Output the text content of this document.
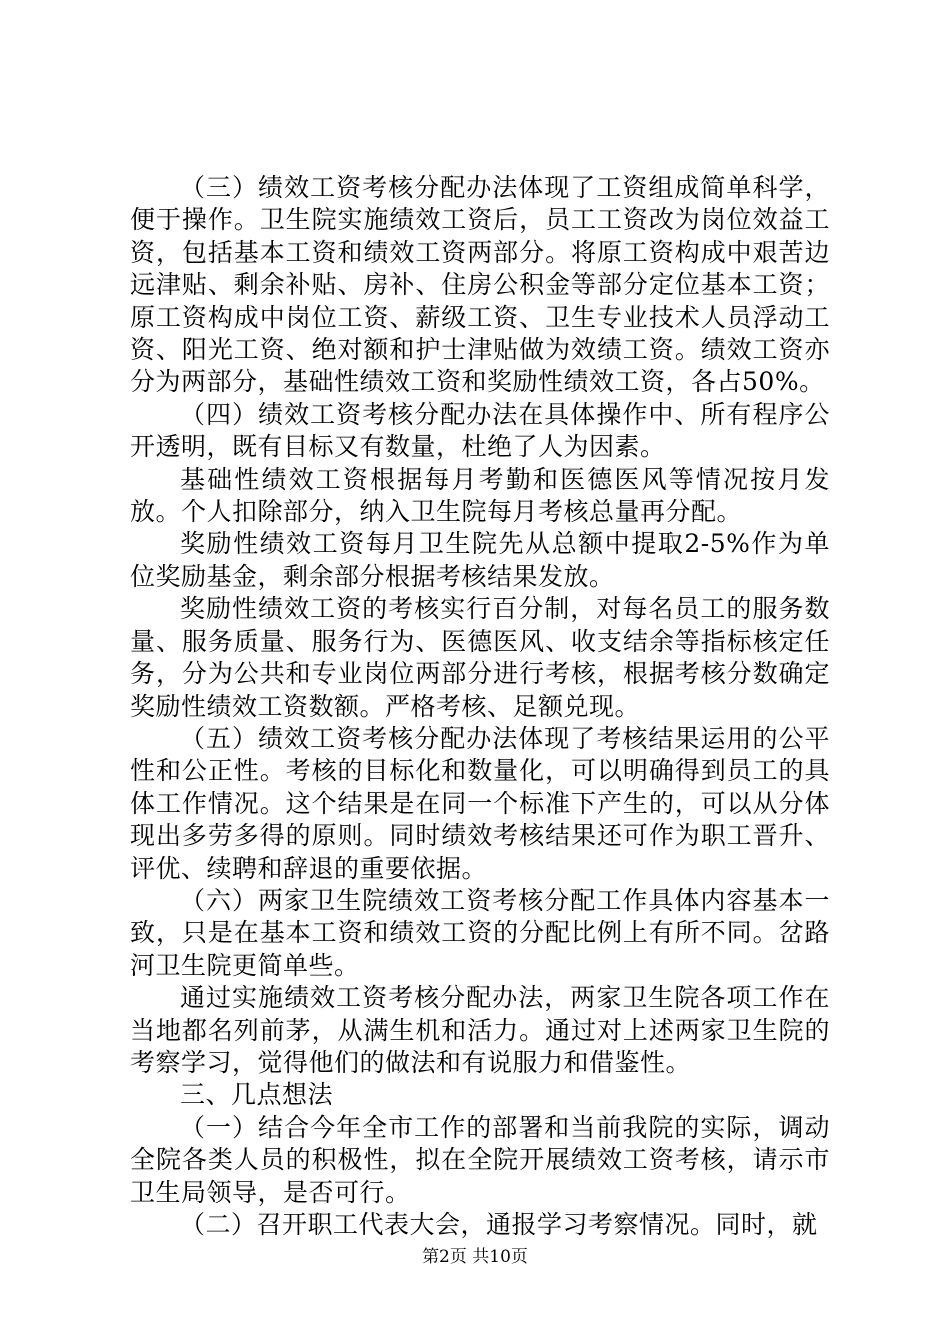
（三）绩效工资考核分配办法体现了工资组成简单科学，便于操作。卫生院实施绩效工资后，员工工资改为岗位效益工资，包括基本工资和绩效工资两部分。将原工资构成中艰苦边远津贴、剩余补贴、房补、住房公积金等部分定位基本工资；原工资构成中岗位工资、薪级工资、卫生专业技术人员浮动工资、阳光工资、绝对额和护士津贴做为效绩工资。绩效工资亦分为两部分，基础性绩效工资和奖励性绩效工资，各占50%。

（四）绩效工资考核分配办法在具体操作中、所有程序公开透明，既有目标又有数量，杜绝了人为因素。

基础性绩效工资根据每月考勤和医德医风等情况按月发放。个人扣除部分，纳入卫生院每月考核总量再分配。

奖励性绩效工资每月卫生院先从总额中提取2-5%作为单位奖励基金，剩余部分根据考核结果发放。

奖励性绩效工资的考核实行百分制，对每名员工的服务数量、服务质量、服务行为、医德医风、收支结余等指标核定任务，分为公共和专业岗位两部分进行考核，根据考核分数确定奖励性绩效工资数额。严格考核、足额兑现。

（五）绩效工资考核分配办法体现了考核结果运用的公平性和公正性。考核的目标化和数量化，可以明确得到员工的具体工作情况。这个结果是在同一个标准下产生的，可以从分体现出多劳多得的原则。同时绩效考核结果还可作为职工晋升、评优、续聘和辞退的重要依据。

（六）两家卫生院绩效工资考核分配工作具体内容基本一致，只是在基本工资和绩效工资的分配比例上有所不同。岔路河卫生院更简单些。

通过实施绩效工资考核分配办法，两家卫生院各项工作在当地都名列前茅，从满生机和活力。通过对上述两家卫生院的考察学习，觉得他们的做法和有说服力和借鉴性。

三、几点想法

（一）结合今年全市工作的部署和当前我院的实际，调动全院各类人员的积极性，拟在全院开展绩效工资考核，请示市卫生局领导，是否可行。

（二）召开职工代表大会，通报学习考察情况。同时，就

第2页 共10页
